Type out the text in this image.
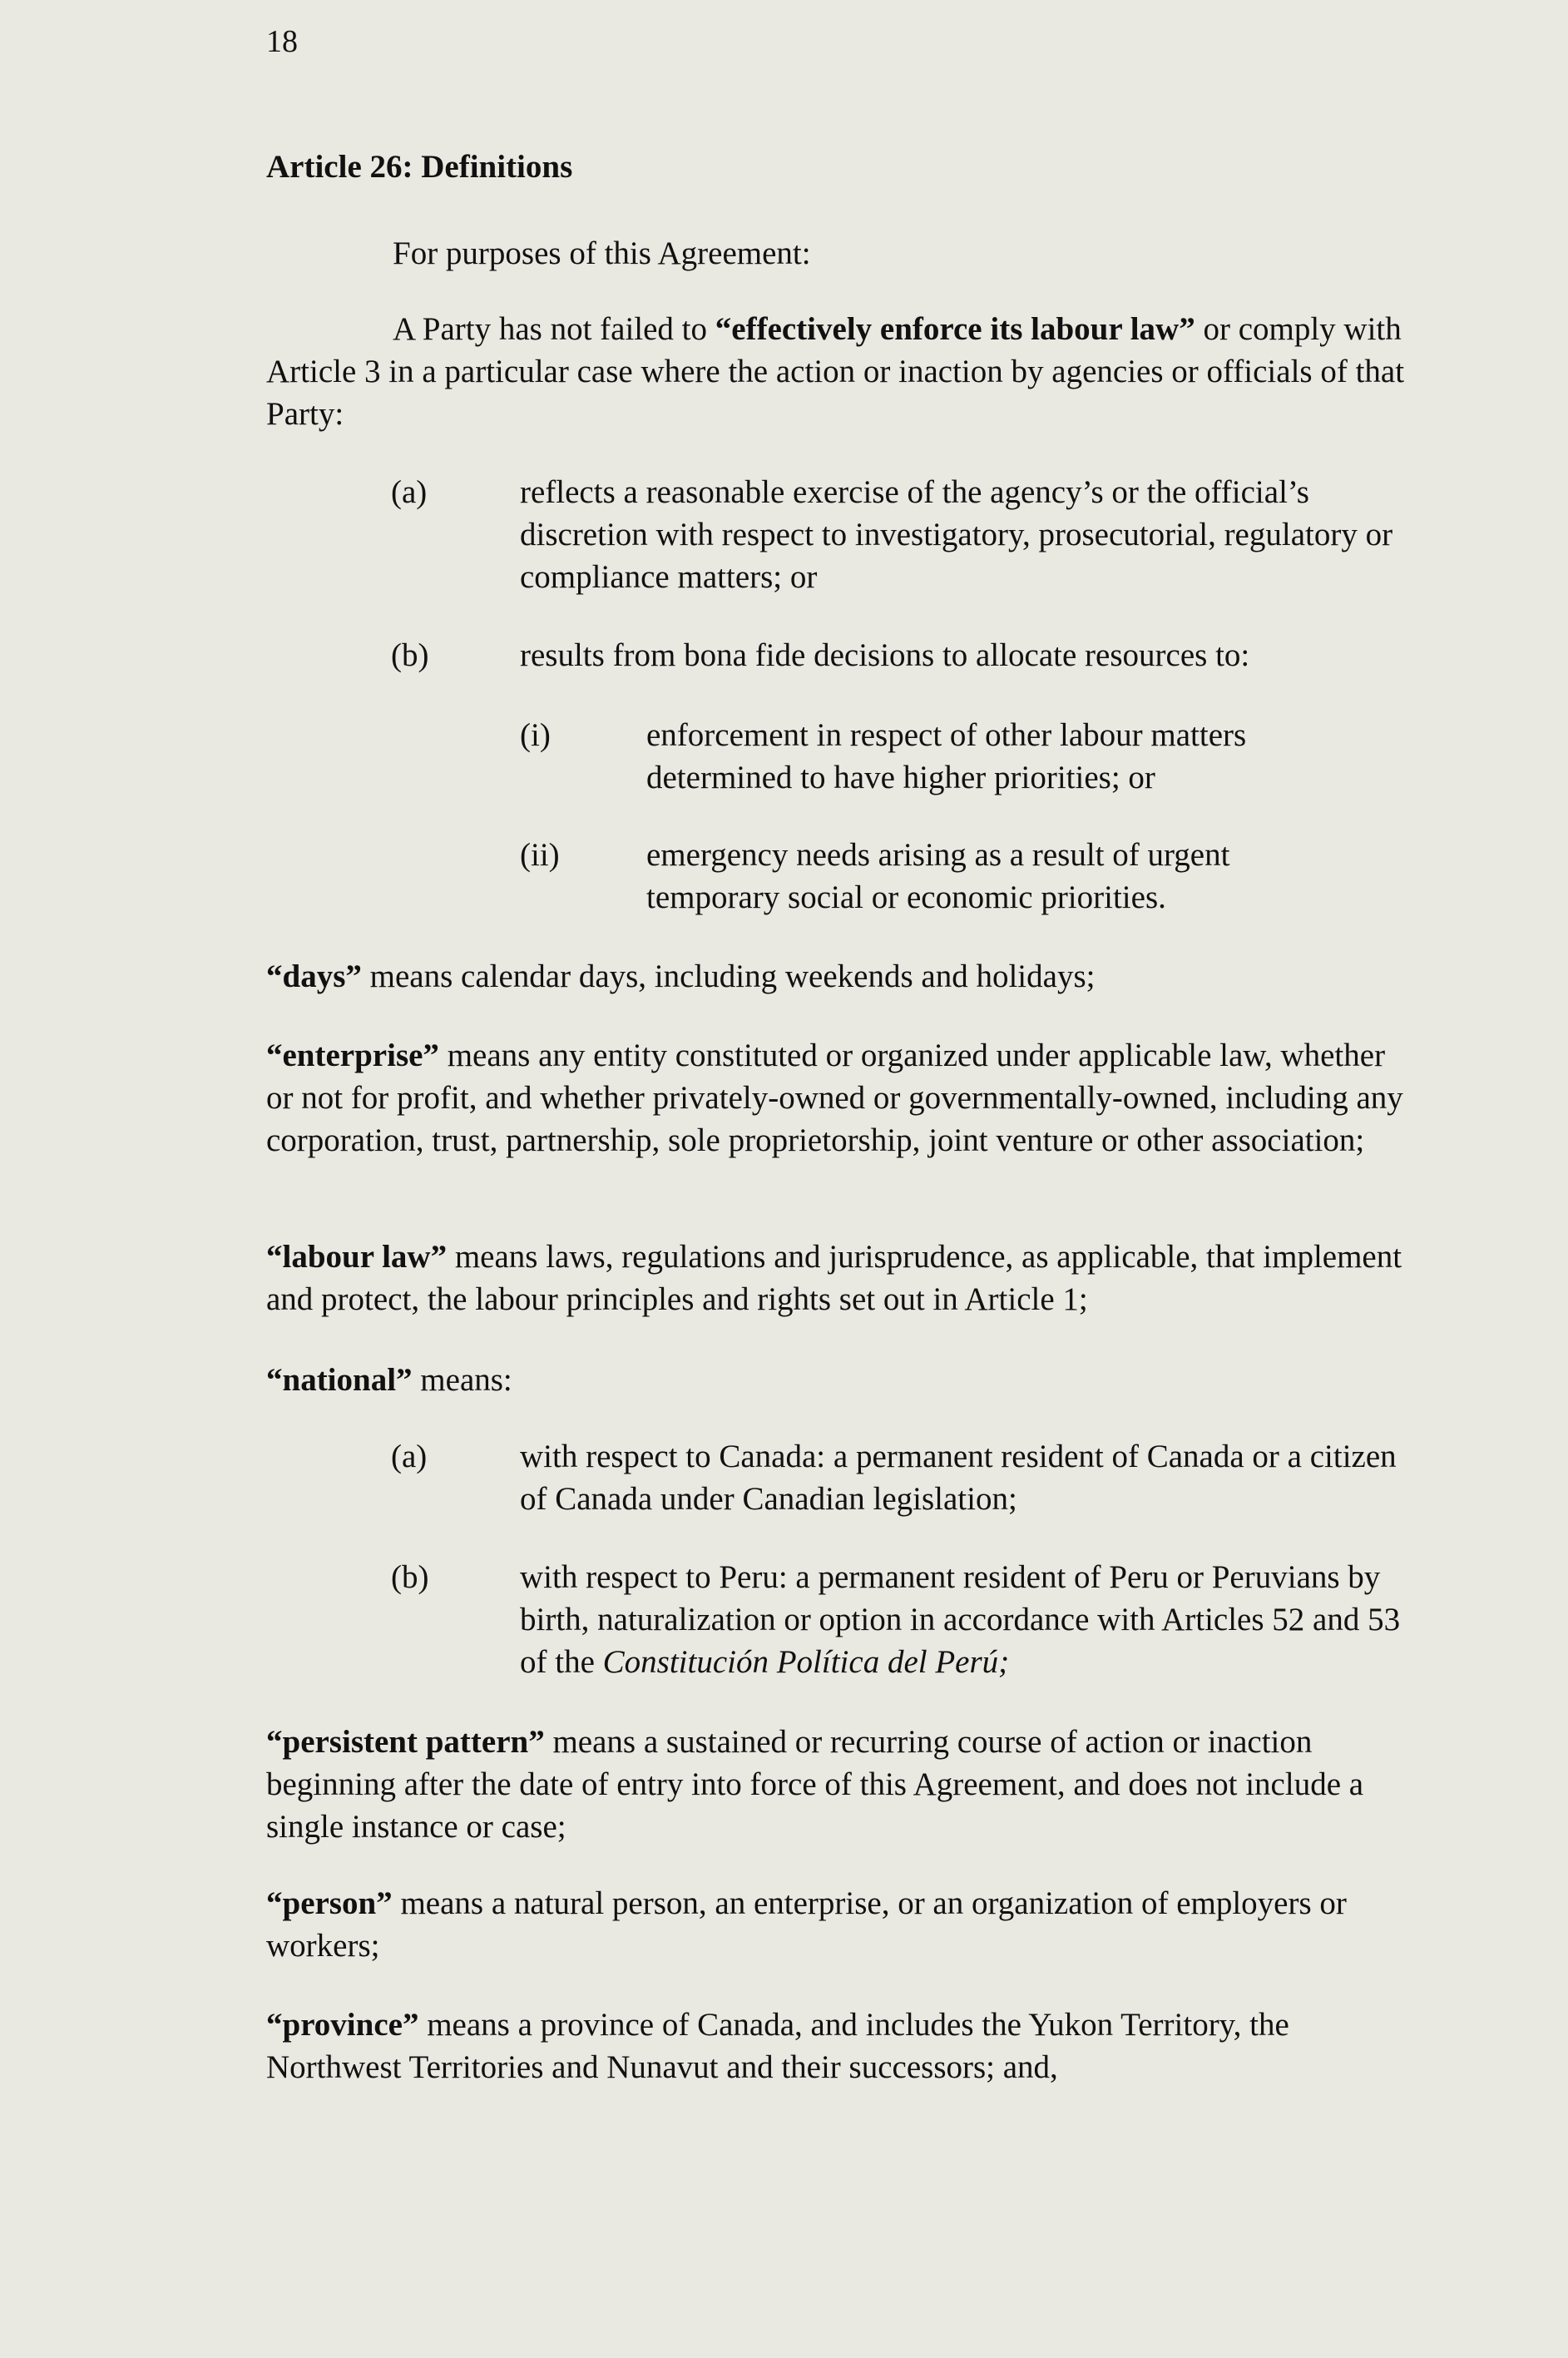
18
Article 26: Definitions

For purposes of this Agreement:

A Party has not failed to “effectively enforce its labour law” or comply with Article 3 in a particular case where the action or inaction by agencies or officials of that Party:

(a)	reflects a reasonable exercise of the agency’s or the official’s discretion with respect to investigatory, prosecutorial, regulatory or compliance matters; or

(b)	results from bona fide decisions to allocate resources to:

(i)	enforcement in respect of other labour matters determined to have higher priorities; or

(ii)	emergency needs arising as a result of urgent temporary social or economic priorities.

“days” means calendar days, including weekends and holidays;

“enterprise” means any entity constituted or organized under applicable law, whether or not for profit, and whether privately-owned or governmentally-owned, including any corporation, trust, partnership, sole proprietorship, joint venture or other association;

“labour law” means laws, regulations and jurisprudence, as applicable, that implement and protect, the labour principles and rights set out in Article 1;

“national” means:

(a)	with respect to Canada: a permanent resident of Canada or a citizen of Canada under Canadian legislation;

(b)	with respect to Peru: a permanent resident of Peru or Peruvians by birth, naturalization or option in accordance with Articles 52 and 53 of the Constitución Política del Perú;

“persistent pattern” means a sustained or recurring course of action or inaction beginning after the date of entry into force of this Agreement, and does not include a single instance or case;

“person” means a natural person, an enterprise, or an organization of employers or workers;

“province” means a province of Canada, and includes the Yukon Territory, the Northwest Territories and Nunavut and their successors; and,
